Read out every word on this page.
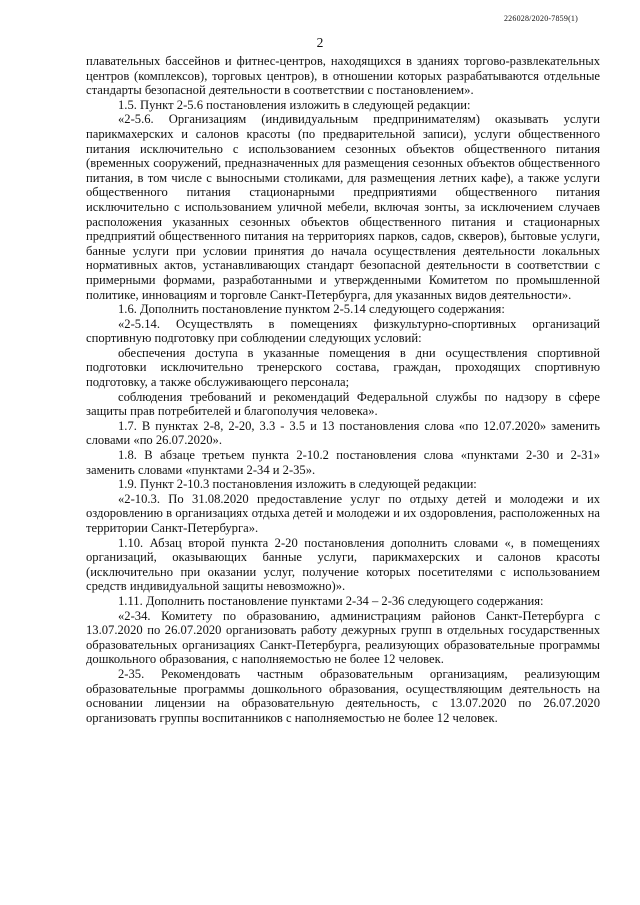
226028/2020-7859(1)
2

плавательных бассейнов и фитнес-центров, находящихся в зданиях торгово-развлекательных центров (комплексов), торговых центров), в отношении которых разрабатываются отдельные стандарты безопасной деятельности в соответствии с постановлением».

1.5. Пункт 2-5.6 постановления изложить в следующей редакции:

«2-5.6. Организациям (индивидуальным предпринимателям) оказывать услуги парикмахерских и салонов красоты (по предварительной записи), услуги общественного питания исключительно с использованием сезонных объектов общественного питания (временных сооружений, предназначенных для размещения сезонных объектов общественного питания, в том числе с выносными столиками, для размещения летних кафе), а также услуги общественного питания стационарными предприятиями общественного питания исключительно с использованием уличной мебели, включая зонты, за исключением случаев расположения указанных сезонных объектов общественного питания и стационарных предприятий общественного питания на территориях парков, садов, скверов), бытовые услуги, банные услуги при условии принятия до начала осуществления деятельности локальных нормативных актов, устанавливающих стандарт безопасной деятельности в соответствии с примерными формами, разработанными и утвержденными Комитетом по промышленной политике, инновациям и торговле Санкт-Петербурга, для указанных видов деятельности».

1.6. Дополнить постановление пунктом 2-5.14 следующего содержания:

«2-5.14. Осуществлять в помещениях физкультурно-спортивных организаций спортивную подготовку при соблюдении следующих условий:

обеспечения доступа в указанные помещения в дни осуществления спортивной подготовки исключительно тренерского состава, граждан, проходящих спортивную подготовку, а также обслуживающего персонала;

соблюдения требований и рекомендаций Федеральной службы по надзору в сфере защиты прав потребителей и благополучия человека».

1.7. В пунктах 2-8, 2-20, 3.3 - 3.5 и 13 постановления слова «по 12.07.2020» заменить словами «по 26.07.2020».

1.8. В абзаце третьем пункта 2-10.2 постановления слова «пунктами 2-30 и 2-31» заменить словами «пунктами 2-34 и 2-35».

1.9. Пункт 2-10.3 постановления изложить в следующей редакции:

«2-10.3. По 31.08.2020 предоставление услуг по отдыху детей и молодежи и их оздоровлению в организациях отдыха детей и молодежи и их оздоровления, расположенных на территории Санкт-Петербурга».

1.10. Абзац второй пункта 2-20 постановления дополнить словами «, в помещениях организаций, оказывающих банные услуги, парикмахерских и салонов красоты (исключительно при оказании услуг, получение которых посетителями с использованием средств индивидуальной защиты невозможно)».

1.11. Дополнить постановление пунктами 2-34 – 2-36 следующего содержания:

«2-34. Комитету по образованию, администрациям районов Санкт-Петербурга с 13.07.2020 по 26.07.2020 организовать работу дежурных групп в отдельных государственных образовательных организациях Санкт-Петербурга, реализующих образовательные программы дошкольного образования, с наполняемостью не более 12 человек.

2-35. Рекомендовать частным образовательным организациям, реализующим образовательные программы дошкольного образования, осуществляющим деятельность на основании лицензии на образовательную деятельность, с 13.07.2020 по 26.07.2020 организовать группы воспитанников с наполняемостью не более 12 человек.
